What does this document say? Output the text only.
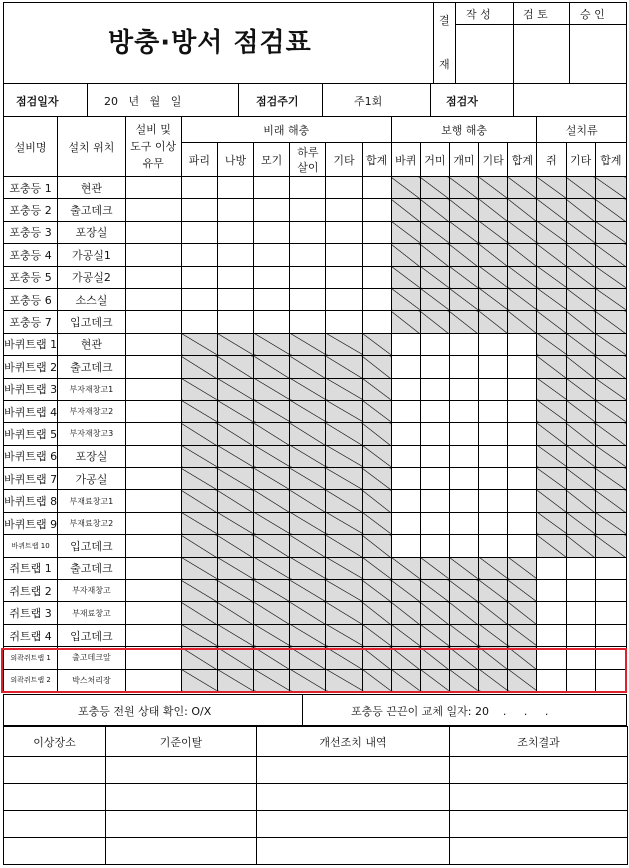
방충·방서 점검표
결
재
작 성	검 토	승 인
점검일자	20   년   월   일	점검주기	주1회	점검자
설비명	설치 위치	설비 및
도구 이상
유무	비래 해충						보행 해충					설치류		
			파리	나방	모기	하루
살이	기타	합계	바퀴	거미	개미	기타	합계	쥐	기타	합계
포충등 1	현관															
포충등 2	출고데크															
포충등 3	포장실															
포충등 4	가공실1															
포충등 5	가공실2															
포충등 6	소스실															
포충등 7	입고데크															
바퀴트랩 1	현관															
바퀴트랩 2	출고데크															
바퀴트랩 3	부자재창고1															
바퀴트랩 4	부자재창고2															
바퀴트랩 5	부자재창고3															
바퀴트랩 6	포장실															
바퀴트랩 7	가공실															
바퀴트랩 8	부재료창고1															
바퀴트랩 9	부재료창고2															
바퀴트랩 10	입고데크															
쥐트랩 1	출고데크															
쥐트랩 2	부자재창고															
쥐트랩 3	부재료창고															
쥐트랩 4	입고데크															
외곽쥐트랩 1	출고데크앞															
외곽쥐트랩 2	박스처리장															
포충등 전원 상태 확인: O/X	포충등 끈끈이 교체 일자: 20    .     .     .
이상장소	기준이탈	개선조치 내역	조치결과
